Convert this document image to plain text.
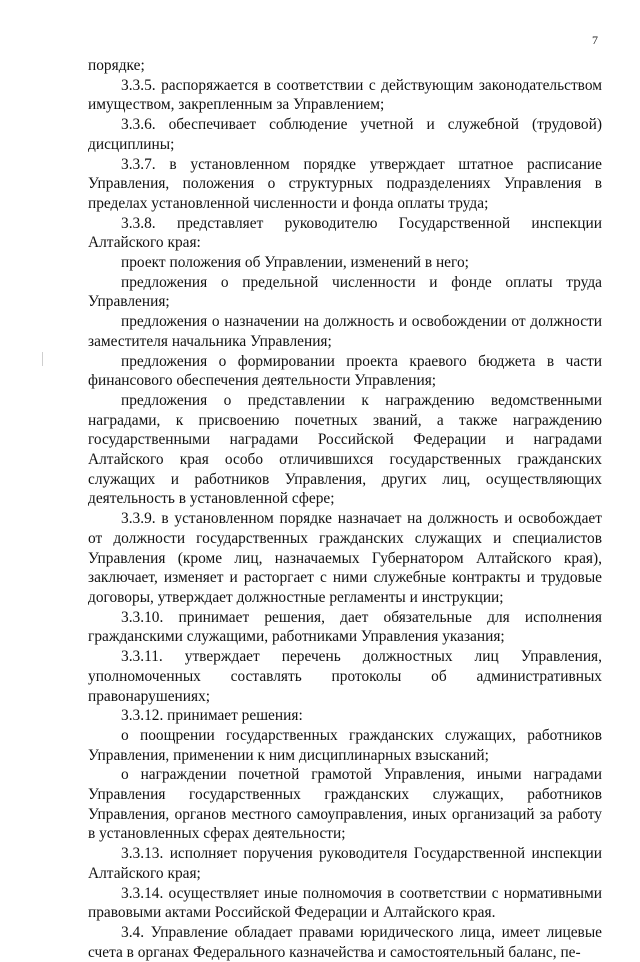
7

порядке;

3.3.5. распоряжается в соответствии с действующим законодательством имуществом, закрепленным за Управлением;

3.3.6. обеспечивает соблюдение учетной и служебной (трудовой) дисциплины;

3.3.7. в установленном порядке утверждает штатное расписание Управления, положения о структурных подразделениях Управления в пределах установленной численности и фонда оплаты труда;

3.3.8. представляет руководителю Государственной инспекции Алтайского края:

проект положения об Управлении, изменений в него;

предложения о предельной численности и фонде оплаты труда Управления;

предложения о назначении на должность и освобождении от должности заместителя начальника Управления;

предложения о формировании проекта краевого бюджета в части финансового обеспечения деятельности Управления;

предложения о представлении к награждению ведомственными наградами, к присвоению почетных званий, а также награждению государственными наградами Российской Федерации и наградами Алтайского края особо отличившихся государственных гражданских служащих и работников Управления, других лиц, осуществляющих деятельность в установленной сфере;

3.3.9. в установленном порядке назначает на должность и освобождает от должности государственных гражданских служащих и специалистов Управления (кроме лиц, назначаемых Губернатором Алтайского края), заключает, изменяет и расторгает с ними служебные контракты и трудовые договоры, утверждает должностные регламенты и инструкции;

3.3.10. принимает решения, дает обязательные для исполнения гражданскими служащими, работниками Управления указания;

3.3.11. утверждает перечень должностных лиц Управления, уполномоченных составлять протоколы об административных правонарушениях;

3.3.12. принимает решения:

о поощрении государственных гражданских служащих, работников Управления, применении к ним дисциплинарных взысканий;

о награждении почетной грамотой Управления, иными наградами Управления государственных гражданских служащих, работников Управления, органов местного самоуправления, иных организаций за работу в установленных сферах деятельности;

3.3.13. исполняет поручения руководителя Государственной инспекции Алтайского края;

3.3.14. осуществляет иные полномочия в соответствии с нормативными правовыми актами Российской Федерации и Алтайского края.

3.4. Управление обладает правами юридического лица, имеет лицевые счета в органах Федерального казначейства и самостоятельный баланс, пе-
